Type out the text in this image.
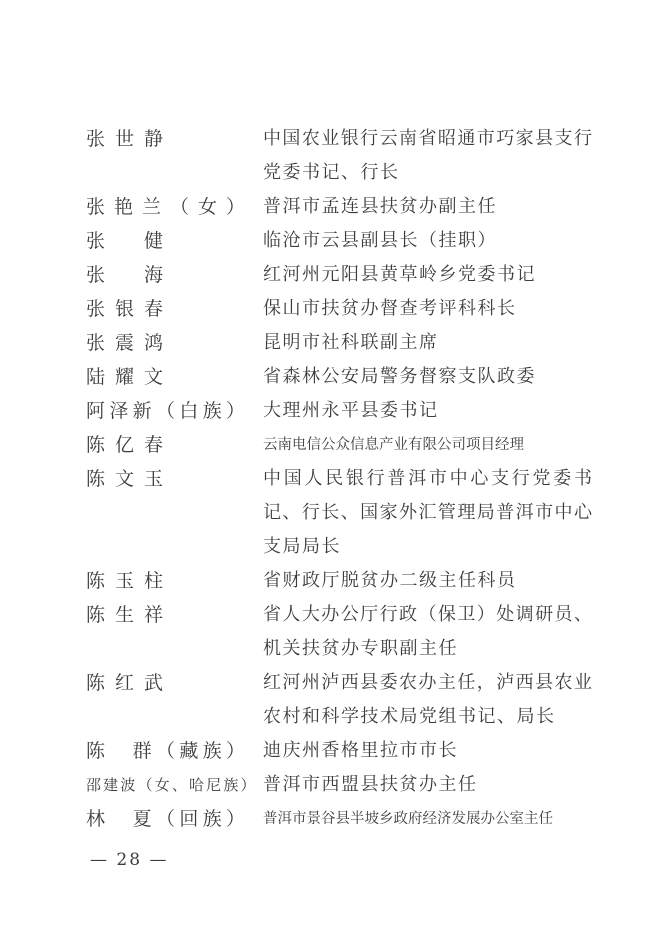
张世静	中国农业银行云南省昭通市巧家县支行
党委书记、行长
张艳兰（女） 普洱市孟连县扶贫办副主任
张　健	临沧市云县副县长（挂职）
张　海	红河州元阳县黄草岭乡党委书记
张银春	保山市扶贫办督查考评科科长
张震鸿	昆明市社科联副主席
陆耀文	省森林公安局警务督察支队政委
阿泽新（白族） 大理州永平县委书记
陈亿春	云南电信公众信息产业有限公司项目经理
陈文玉	中国人民银行普洱市中心支行党委书
记、行长、国家外汇管理局普洱市中心
支局局长
陈玉柱	省财政厅脱贫办二级主任科员
陈生祥	省人大办公厅行政（保卫）处调研员、
机关扶贫办专职副主任
陈红武	红河州泸西县委农办主任，泸西县农业
农村和科学技术局党组书记、局长
陈　群（藏族） 迪庆州香格里拉市市长
邵建波（女、哈尼族） 普洱市西盟县扶贫办主任
林　夏（回族）	普洱市景谷县半坡乡政府经济发展办公室主任
— 28 —
